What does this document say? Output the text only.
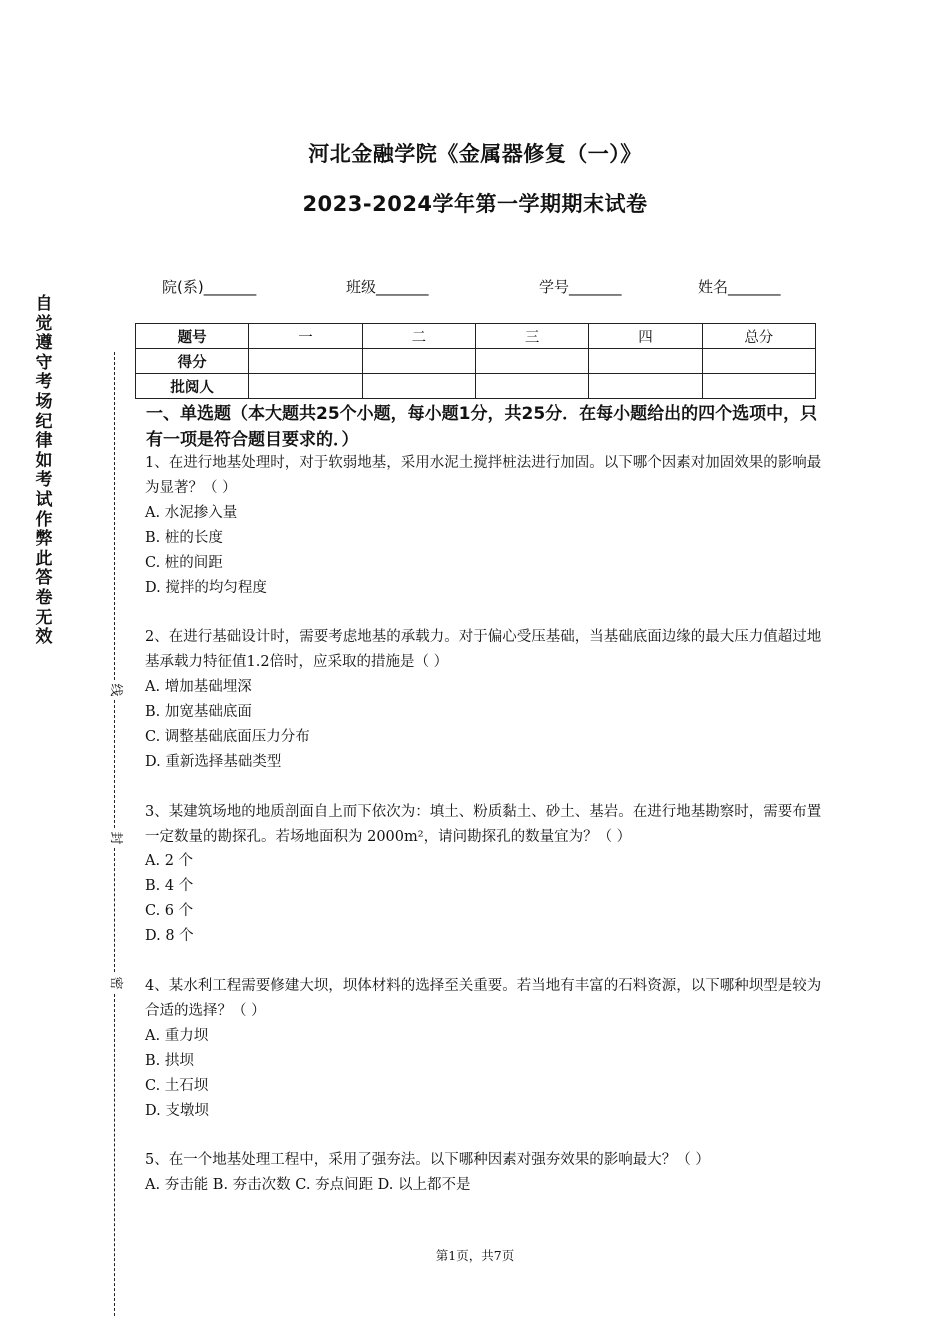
河北金融学院《金属器修复（一）》
2023-2024学年第一学期期末试卷
院(系)_______	班级_______	学号_______	姓名_______
自觉遵守考场纪律如考试作弊此答卷无效
线
封
密
题号	一	二	三	四	总分
得分					
批阅人					
一、单选题（本大题共25个小题，每小题1分，共25分．在每小题给出的四个选项中，只有一项是符合题目要求的．）
1、在进行地基处理时，对于软弱地基，采用水泥土搅拌桩法进行加固。以下哪个因素对加固效果的影响最为显著？（ ）
A. 水泥掺入量
B. 桩的长度
C. 桩的间距
D. 搅拌的均匀程度
2、在进行基础设计时，需要考虑地基的承载力。对于偏心受压基础，当基础底面边缘的最大压力值超过地基承载力特征值1.2倍时，应采取的措施是（ ）
A. 增加基础埋深
B. 加宽基础底面
C. 调整基础底面压力分布
D. 重新选择基础类型
3、某建筑场地的地质剖面自上而下依次为：填土、粉质黏土、砂土、基岩。在进行地基勘察时，需要布置一定数量的勘探孔。若场地面积为 2000m²，请问勘探孔的数量宜为？（ ）
A. 2 个
B. 4 个
C. 6 个
D. 8 个
4、某水利工程需要修建大坝，坝体材料的选择至关重要。若当地有丰富的石料资源，以下哪种坝型是较为合适的选择？（ ）
A. 重力坝
B. 拱坝
C. 土石坝
D. 支墩坝
5、在一个地基处理工程中，采用了强夯法。以下哪种因素对强夯效果的影响最大？（ ）
A. 夯击能 B. 夯击次数 C. 夯点间距 D. 以上都不是
第1页，共7页
